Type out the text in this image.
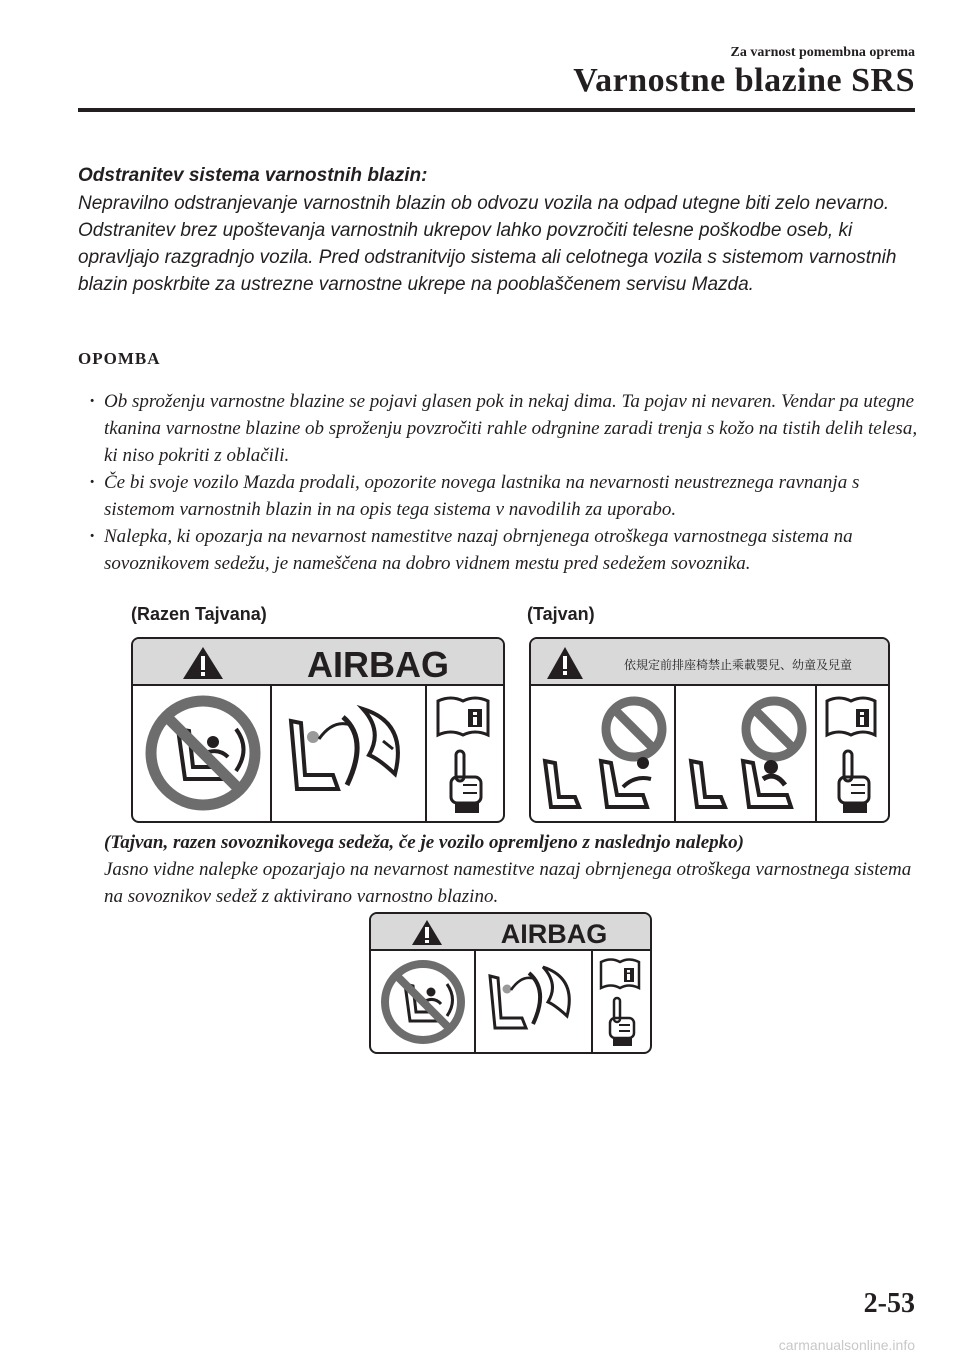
Za varnost pomembna oprema
Varnostne blazine SRS
Odstranitev sistema varnostnih blazin:
Nepravilno odstranjevanje varnostnih blazin ob odvozu vozila na odpad utegne biti zelo nevarno. Odstranitev brez upoštevanja varnostnih ukrepov lahko povzročiti telesne poškodbe oseb, ki opravljajo razgradnjo vozila. Pred odstranitvijo sistema ali celotnega vozila s sistemom varnostnih blazin poskrbite za ustrezne varnostne ukrepe na pooblaščenem servisu Mazda.
OPOMBA
· Ob sproženju varnostne blazine se pojavi glasen pok in nekaj dima. Ta pojav ni nevaren. Vendar pa utegne tkanina varnostne blazine ob sproženju povzročiti rahle odrgnine zaradi trenja s kožo na tistih delih telesa, ki niso pokriti z oblačili.
· Če bi svoje vozilo Mazda prodali, opozorite novega lastnika na nevarnosti neustreznega ravnanja s sistemom varnostnih blazin in na opis tega sistema v navodilih za uporabo.
· Nalepka, ki opozarja na nevarnost namestitve nazaj obrnjenega otroškega varnostnega sistema na sovoznikovem sedežu, je nameščena na dobro vidnem mestu pred sedežem sovoznika.
(Razen Tajvana)	(Tajvan)
AIRBAG	依規定前排座椅禁止乘載嬰兒、幼童及兒童
(Tajvan, razen sovoznikovega sedeža, če je vozilo opremljeno z naslednjo nalepko)
Jasno vidne nalepke opozarjajo na nevarnost namestitve nazaj obrnjenega otroškega varnostnega sistema na sovoznikov sedež z aktivirano varnostno blazino.
AIRBAG
2-53
carmanualsonline.info
